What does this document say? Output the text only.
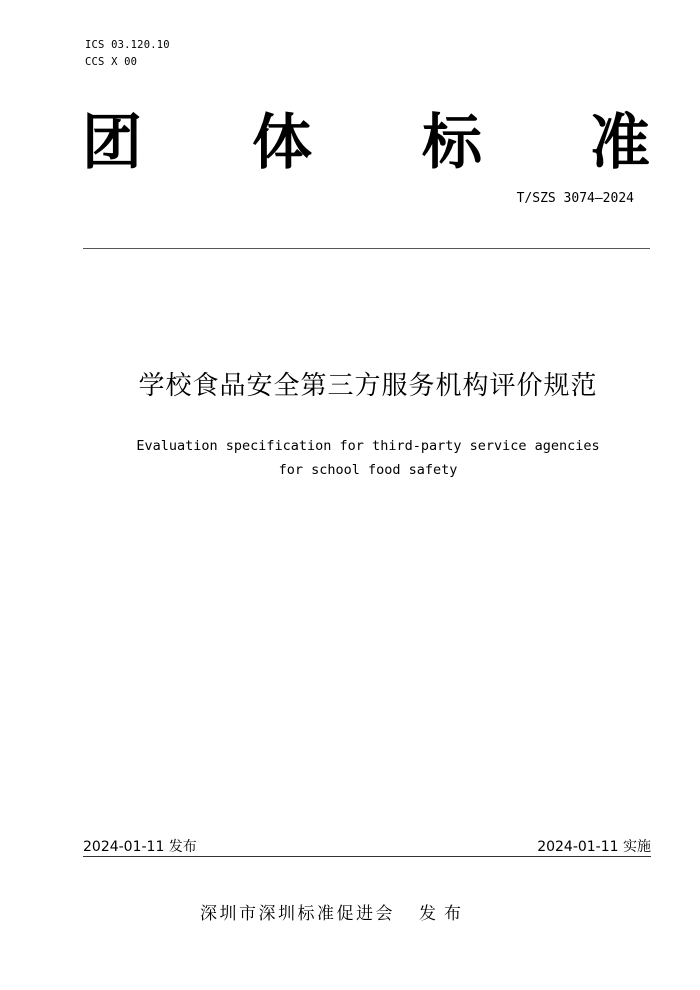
ICS 03.120.10
CCS X 00
团 体 标 准
T/SZS 3074—2024
学校食品安全第三方服务机构评价规范
Evaluation specification for third-party service agencies
for school food safety
2024-01-11 发布	2024-01-11 实施
深圳市深圳标准促进会 发布
